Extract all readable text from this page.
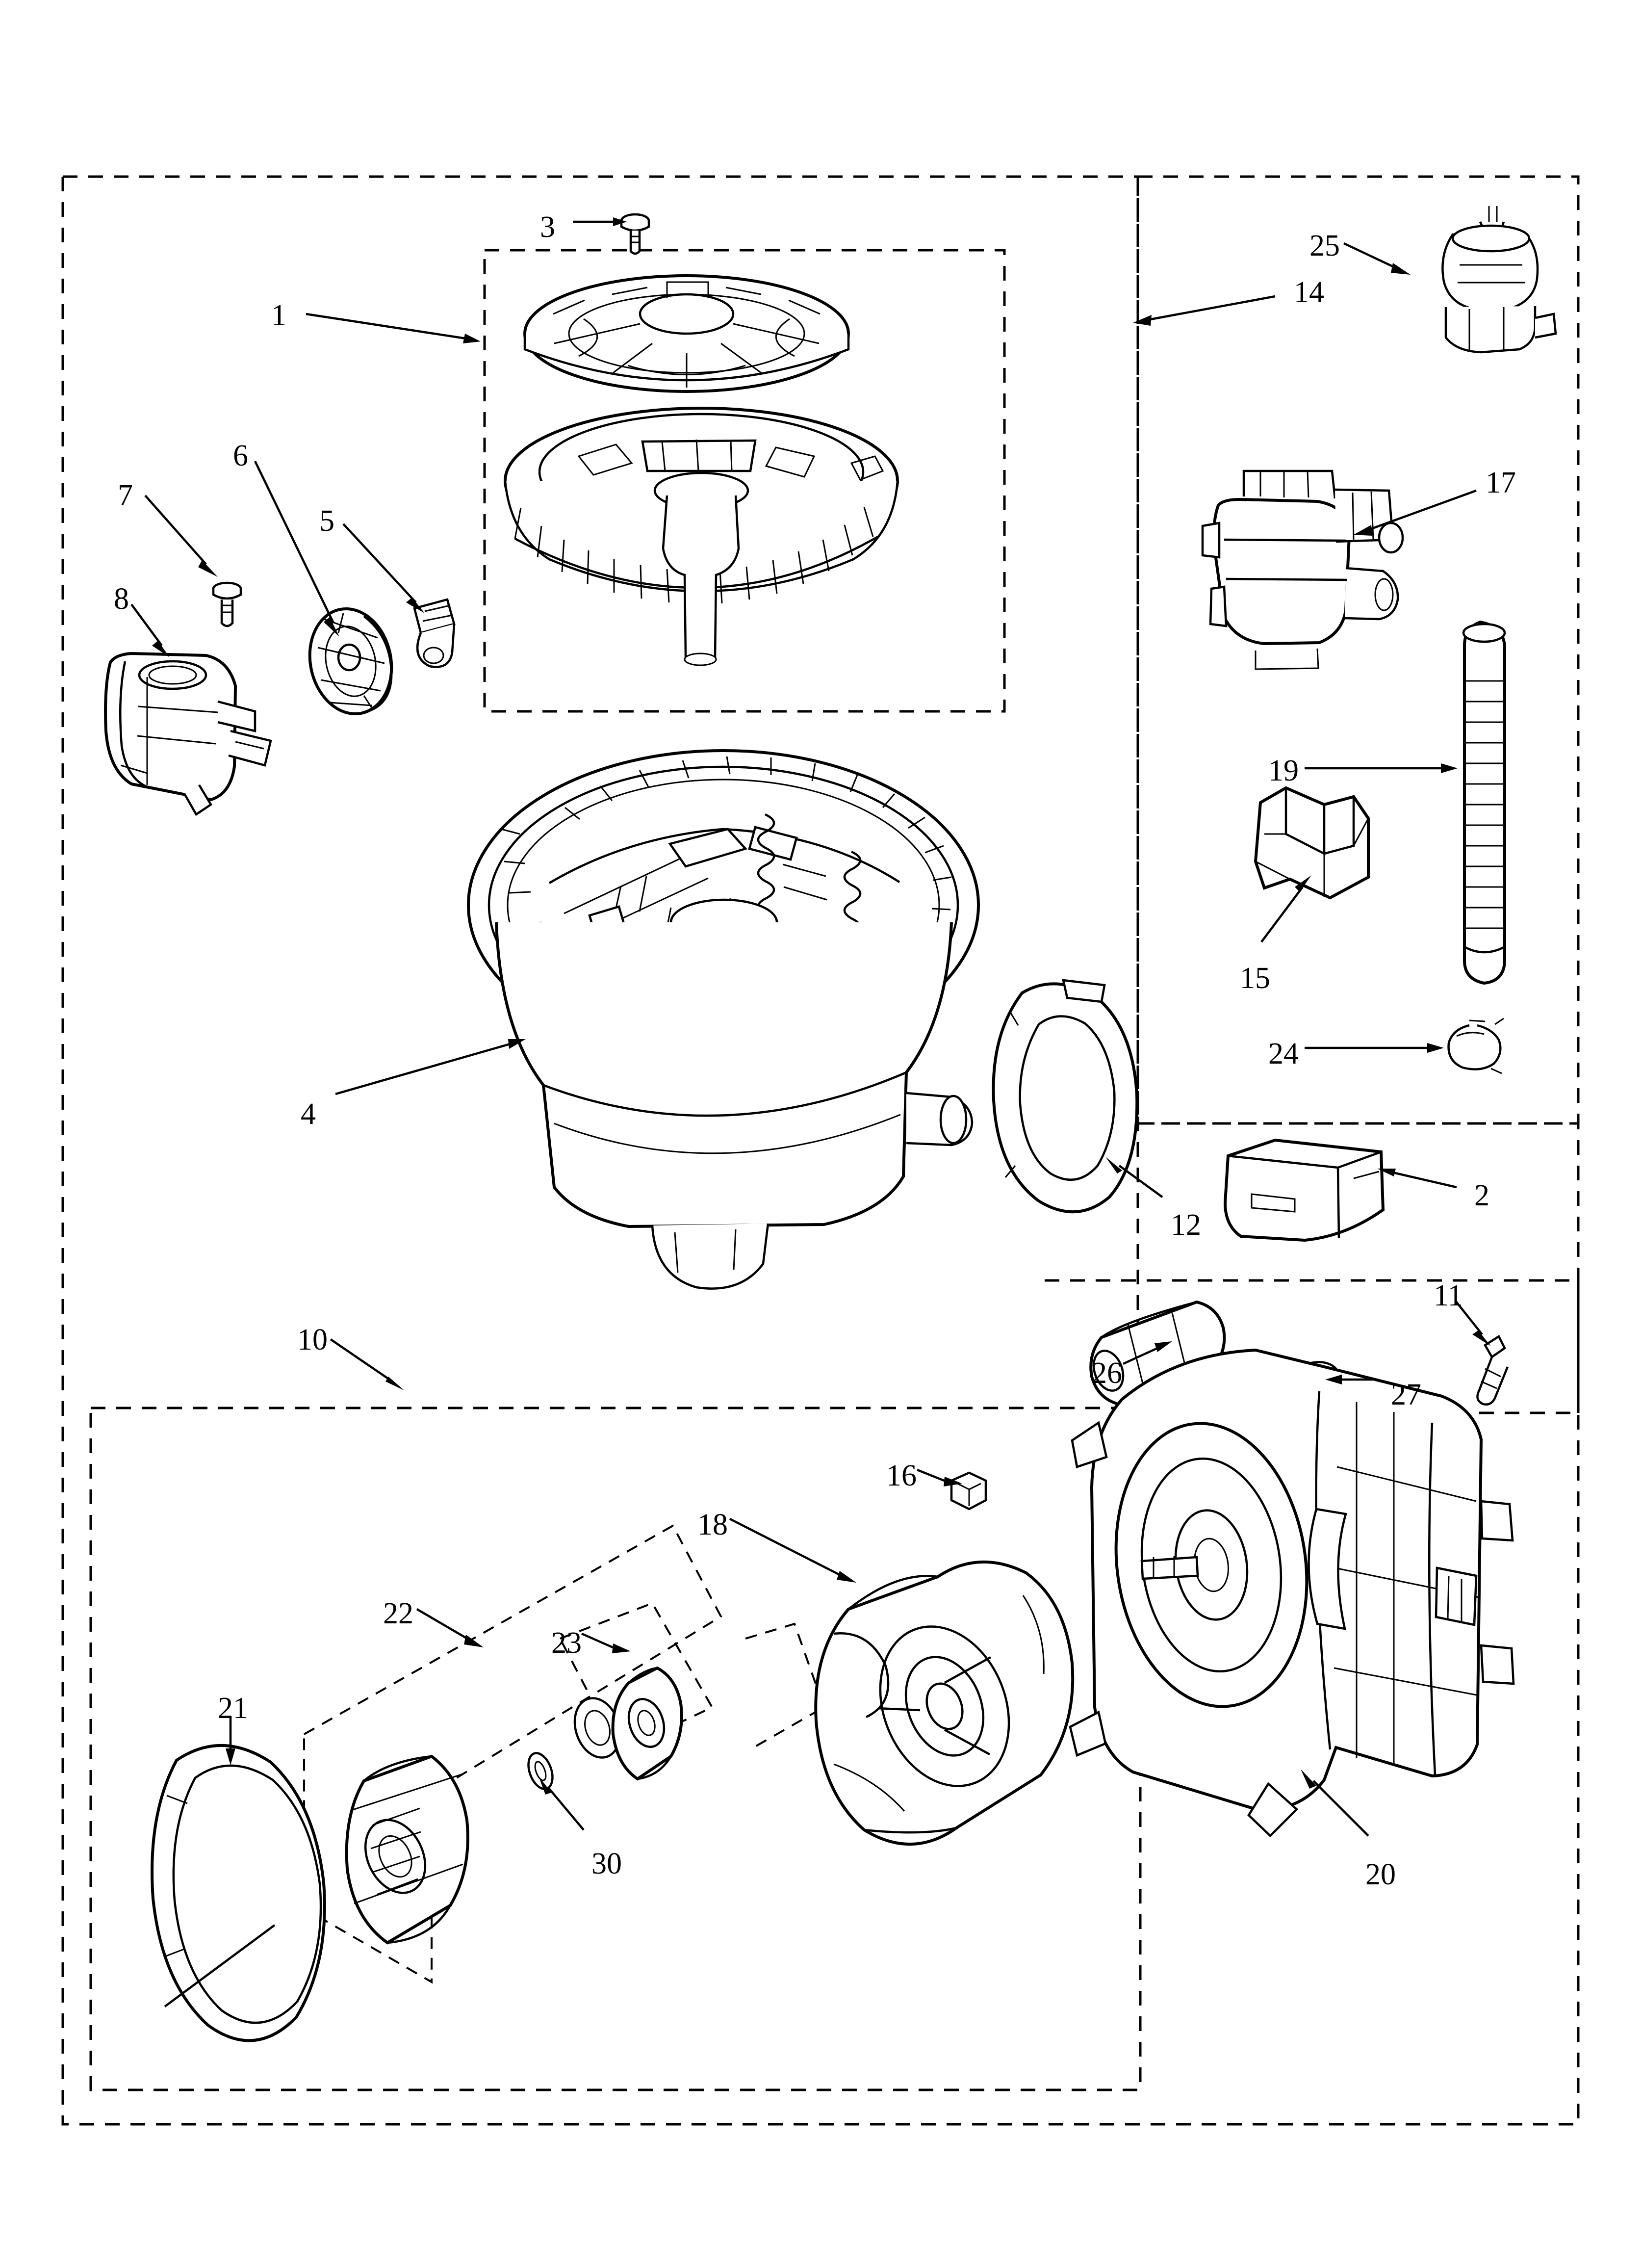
1
2
3
4
5
6
7
8
10
11
12
14
15
16
17
18
19
20
21
22
23
24
25
26
27
30
